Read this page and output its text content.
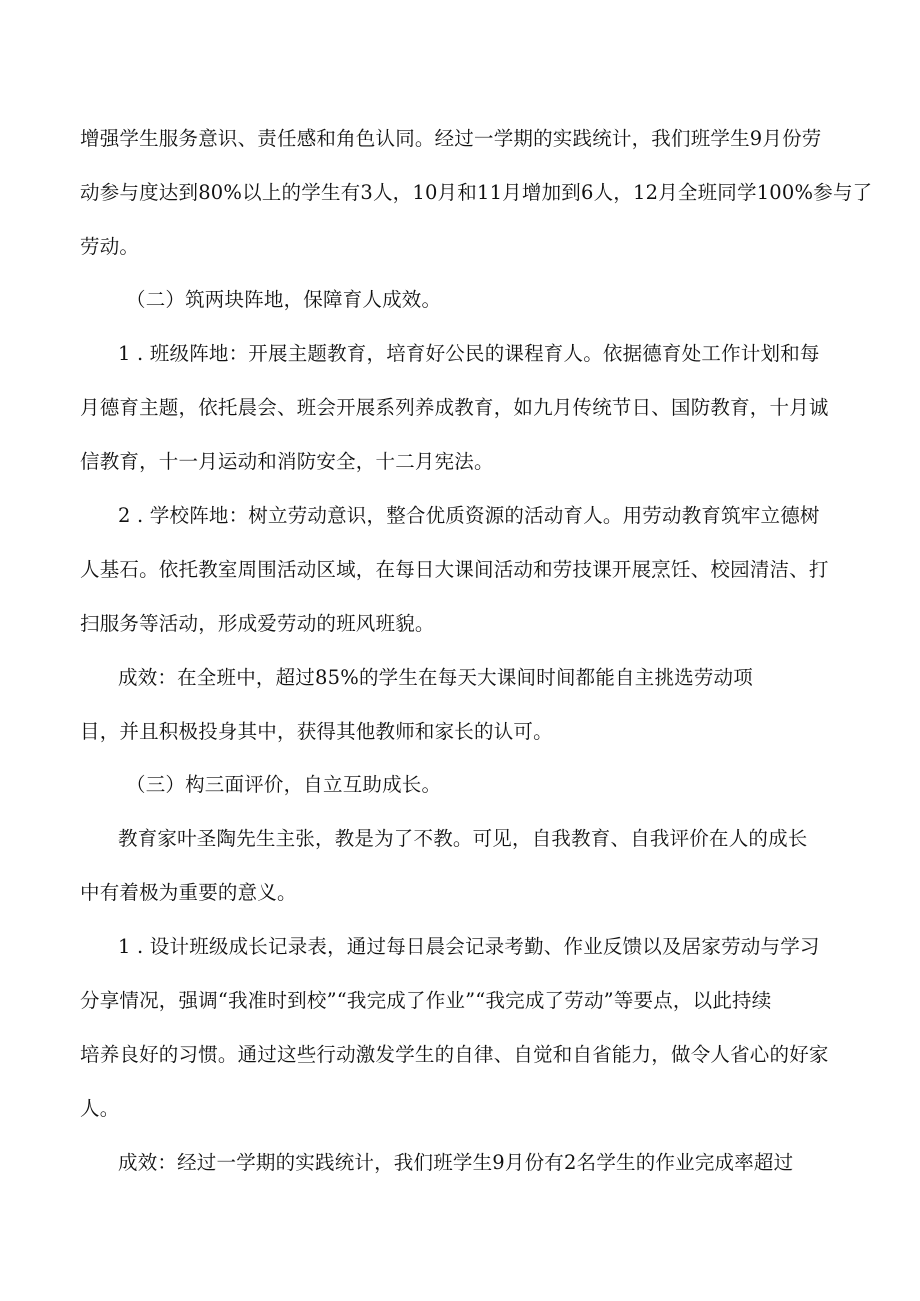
增强学生服务意识、责任感和角色认同。经过一学期的实践统计，我们班学生9月份劳
动参与度达到80%以上的学生有3人，10月和11月增加到6人，12月全班同学100%参与了
劳动。
（二）筑两块阵地，保障育人成效。
1 . 班级阵地：开展主题教育，培育好公民的课程育人。依据德育处工作计划和每
月德育主题，依托晨会、班会开展系列养成教育，如九月传统节日、国防教育，十月诚
信教育，十一月运动和消防安全，十二月宪法。
2 . 学校阵地：树立劳动意识，整合优质资源的活动育人。用劳动教育筑牢立德树
人基石。依托教室周围活动区域，在每日大课间活动和劳技课开展烹饪、校园清洁、打
扫服务等活动，形成爱劳动的班风班貌。
成效：在全班中，超过85%的学生在每天大课间时间都能自主挑选劳动项
目，并且积极投身其中，获得其他教师和家长的认可。
（三）构三面评价，自立互助成长。
教育家叶圣陶先生主张，教是为了不教。可见，自我教育、自我评价在人的成长
中有着极为重要的意义。
1 . 设计班级成长记录表，通过每日晨会记录考勤、作业反馈以及居家劳动与学习
分享情况，强调“我准时到校”“我完成了作业”“我完成了劳动”等要点，以此持续
培养良好的习惯。通过这些行动激发学生的自律、自觉和自省能力，做令人省心的好家
人。
成效：经过一学期的实践统计，我们班学生9月份有2名学生的作业完成率超过
